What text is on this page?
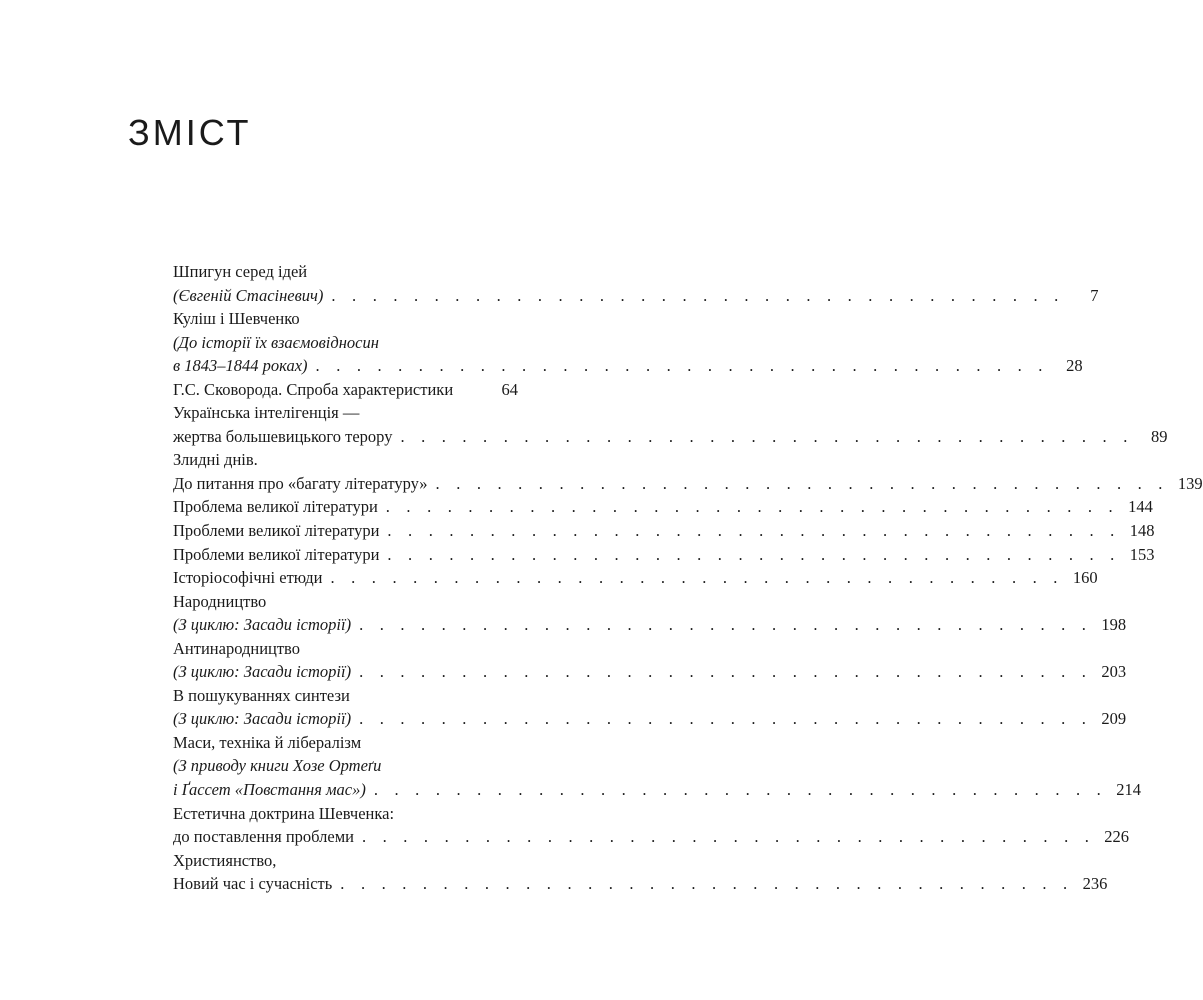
ЗМІСТ
Шпигун серед ідей
(Євгеній Стасіневич) . . . . . . . . . . . . . . . . . . . . . . . . . . . . . . . . . . . .	7
Куліш і Шевченко
(До історії їх взаємовідносин
в 1843–1844 роках) . . . . . . . . . . . . . . . . . . . . . . . . . . . . . . . . . . . .	28
Г.С. Сковорода. Спроба характеристики	64
Українська інтелігенція —
жертва большевицького терору . . . . . . . . . . . . . . . . . . . . . . . . . . . . . . . . . . . .	89
Злидні днів.
До питання про «багату літературу» . . . . . . . . . . . . . . . . . . . . . . . . . . . . . . . . . . . . 139
Проблема великої літератури . . . . . . . . . . . . . . . . . . . . . . . . . . . . . . . . . . . . 144
Проблеми великої літератури . . . . . . . . . . . . . . . . . . . . . . . . . . . . . . . . . . . . 148
Проблеми великої літератури . . . . . . . . . . . . . . . . . . . . . . . . . . . . . . . . . . . . 153
Історіософічні етюди . . . . . . . . . . . . . . . . . . . . . . . . . . . . . . . . . . . . 160
Народництво
(З циклю: Засади історії) . . . . . . . . . . . . . . . . . . . . . . . . . . . . . . . . . . . . 198
Антинародництво
(З циклю: Засади історії) . . . . . . . . . . . . . . . . . . . . . . . . . . . . . . . . . . . . 203
В пошукуваннях синтези
(З циклю: Засади історії) . . . . . . . . . . . . . . . . . . . . . . . . . . . . . . . . . . . . 209
Маси, техніка й лібералізм
(З приводу книги Хозе Ортеґи
і Ґассет «Повстання мас») . . . . . . . . . . . . . . . . . . . . . . . . . . . . . . . . . . . . 214
Естетична доктрина Шевченка:
до поставлення проблеми . . . . . . . . . . . . . . . . . . . . . . . . . . . . . . . . . . . . 226
Християнство,
Новий час і сучасність . . . . . . . . . . . . . . . . . . . . . . . . . . . . . . . . . . . . 236
